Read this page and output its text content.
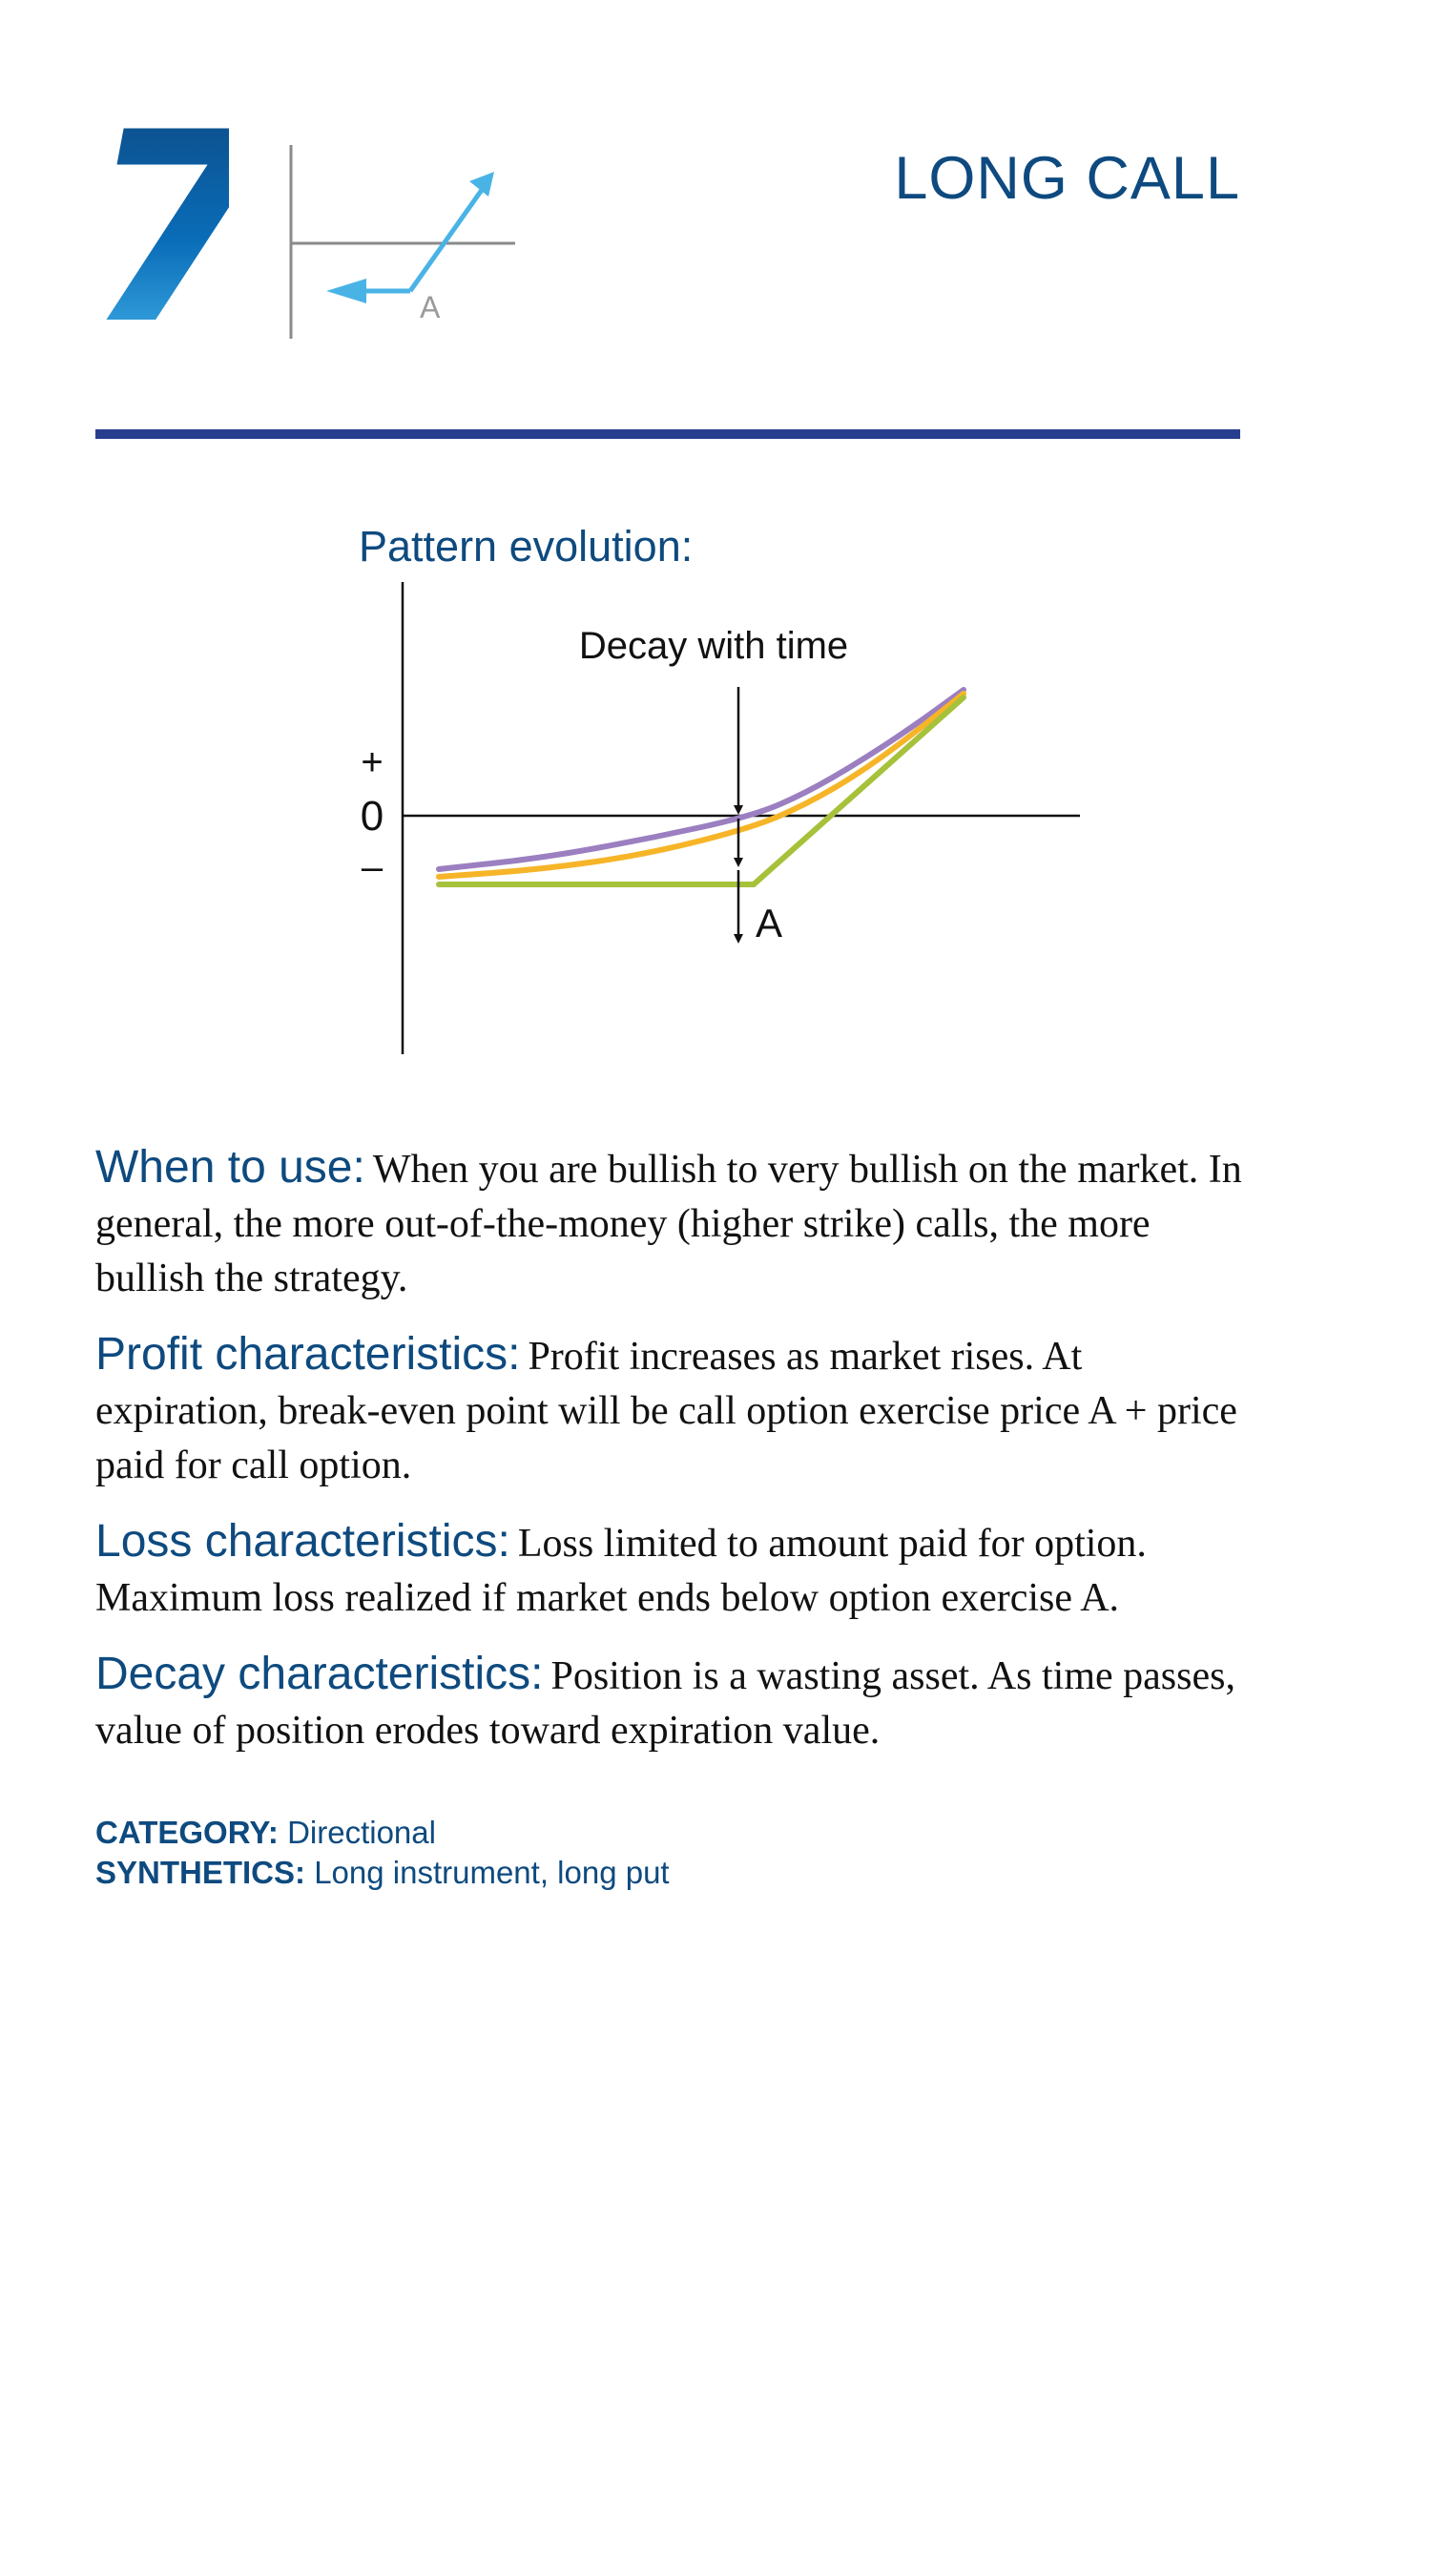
7	A
LONG CALL
Pattern evolution:
+
0
–
Decay with time
A

When to use: When you are bullish to very bullish on the market. In general, the more out-of-the-money (higher strike) calls, the more bullish the strategy.

Profit characteristics: Profit increases as market rises. At expiration, break-even point will be call option exercise price A + price paid for call option.

Loss characteristics: Loss limited to amount paid for option. Maximum loss realized if market ends below option exercise A.

Decay characteristics: Position is a wasting asset. As time passes, value of position erodes toward expiration value.

CATEGORY: Directional
SYNTHETICS: Long instrument, long put
